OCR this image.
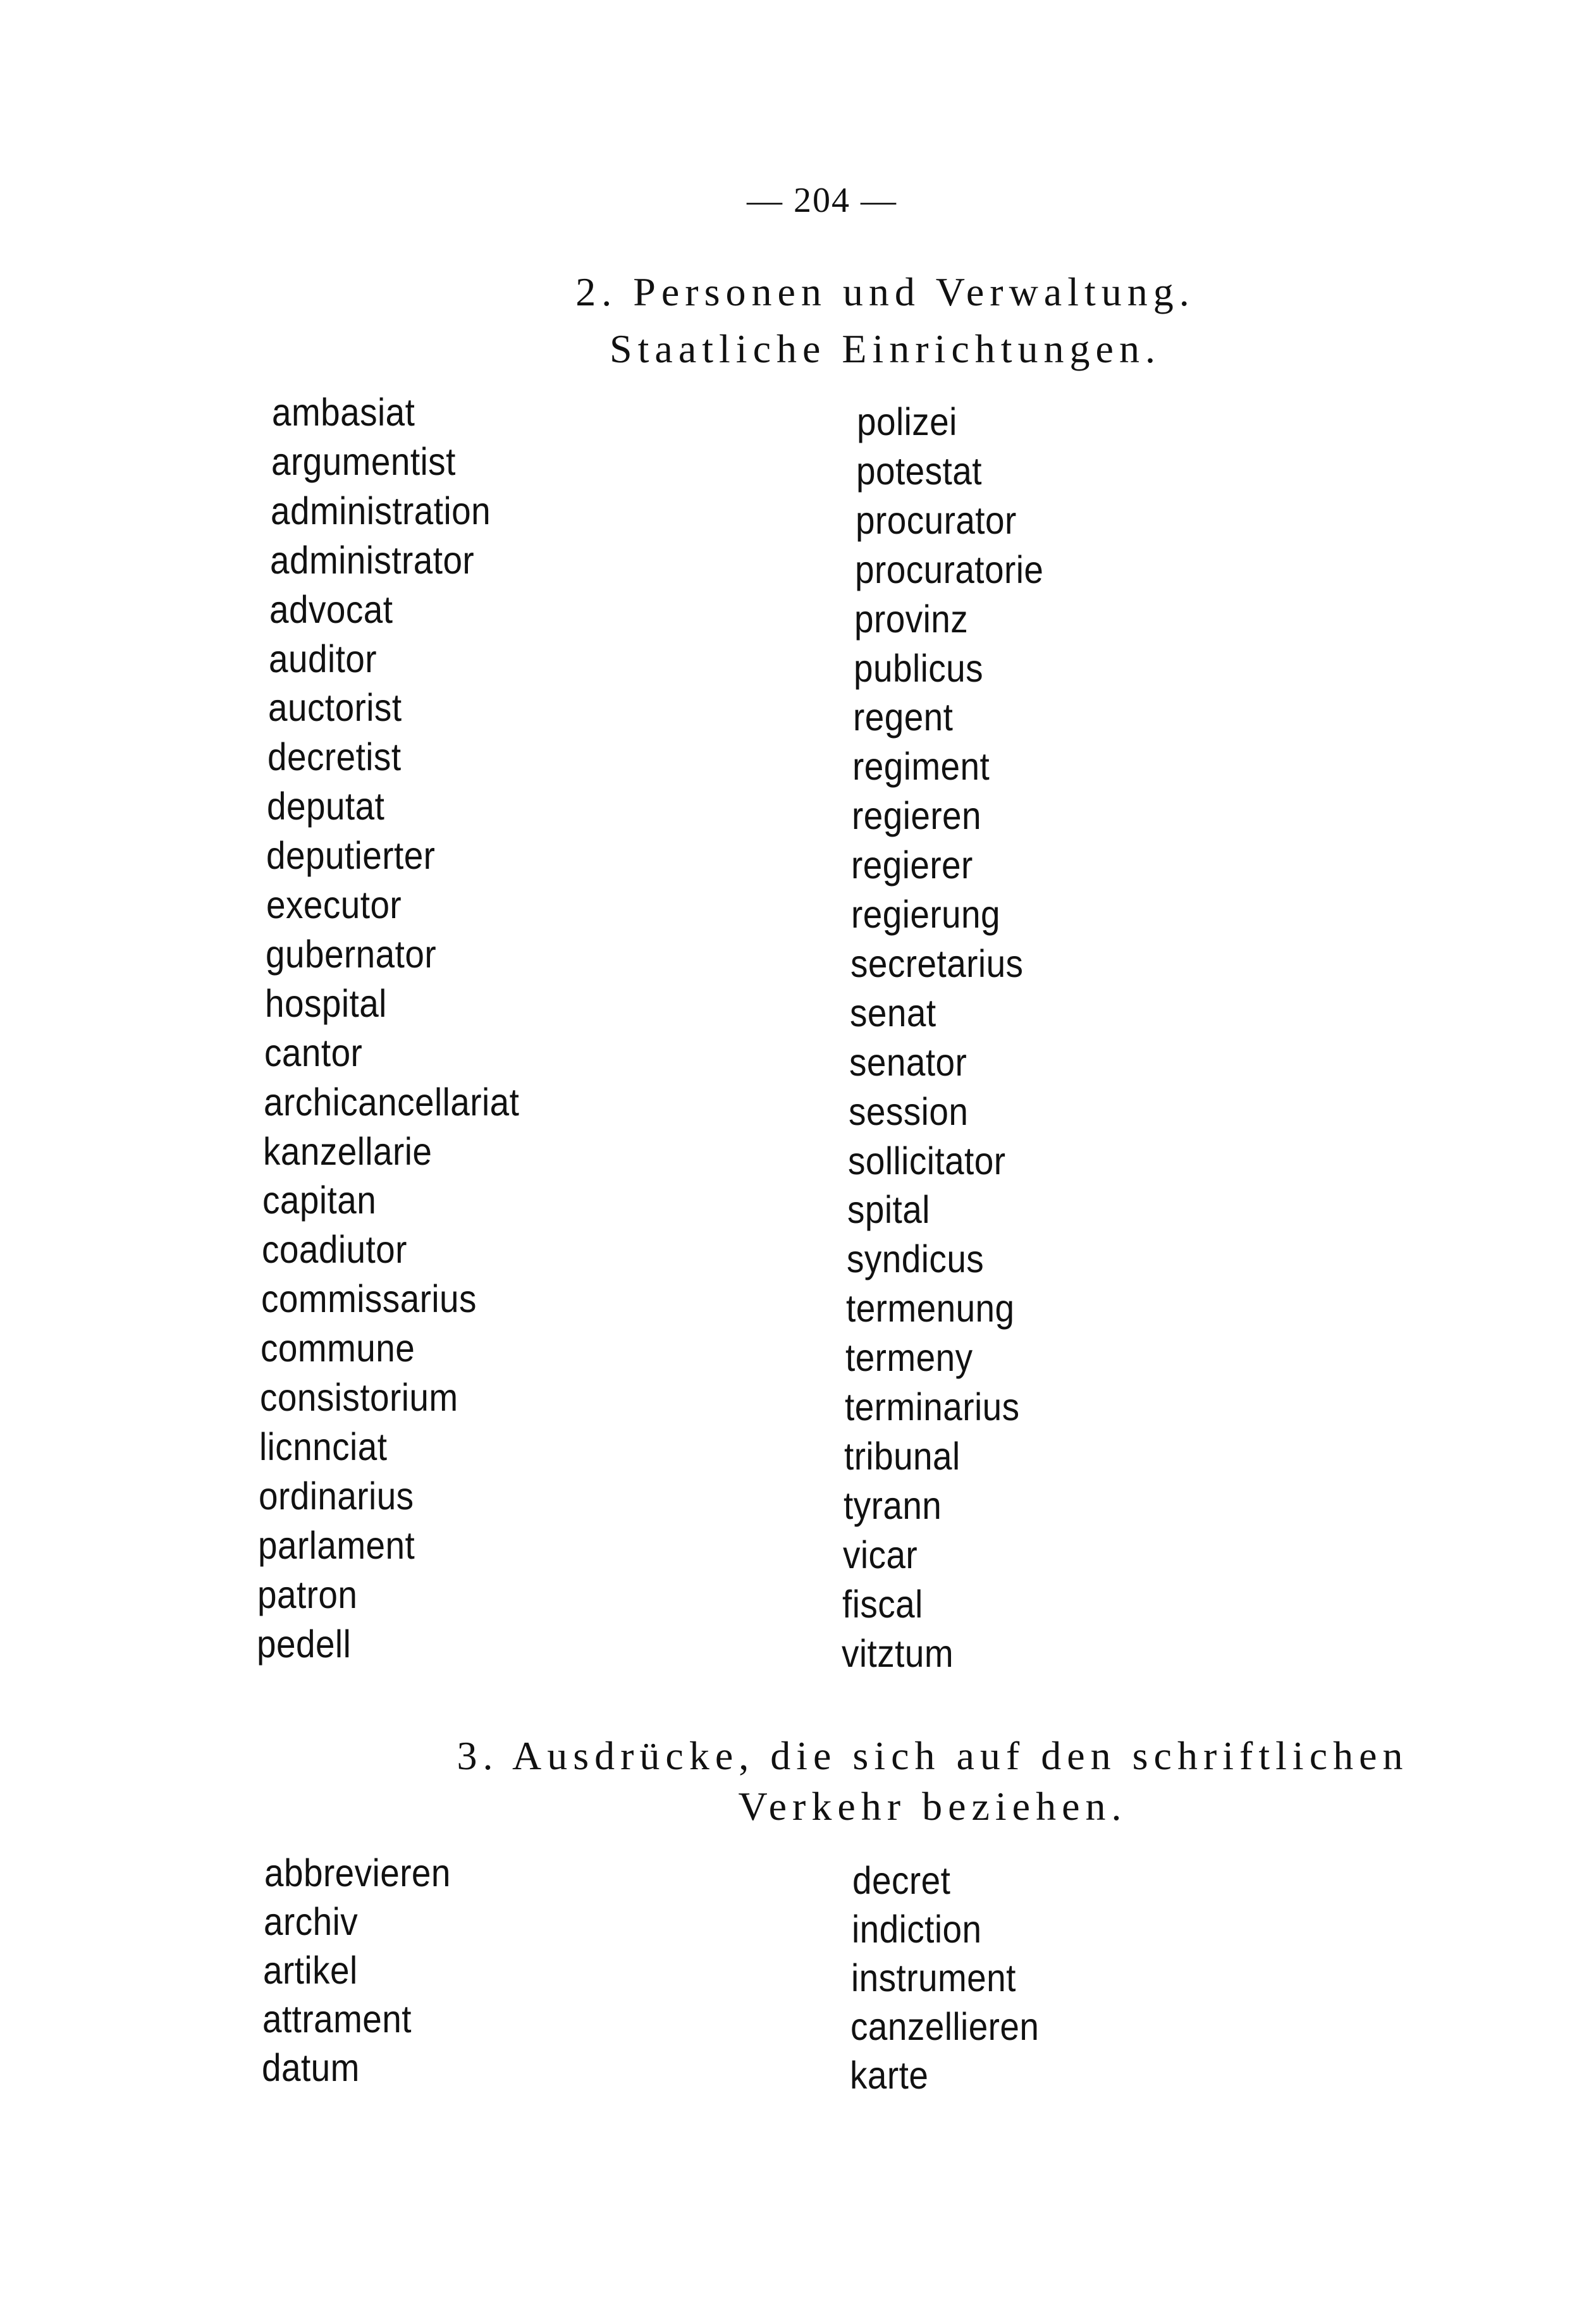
— 204 —
2. Personen und Verwaltung.
Staatliche Einrichtungen.
ambasiat
argumentist
administration
administrator
advocat
auditor
auctorist
decretist
deputat
deputierter
executor
gubernator
hospital
cantor
archicancellariat
kanzellarie
capitan
coadiutor
commissarius
commune
consistorium
licnnciat
ordinarius
parlament
patron
pedell
polizei
potestat
procurator
procuratorie
provinz
publicus
regent
regiment
regieren
regierer
regierung
secretarius
senat
senator
session
sollicitator
spital
syndicus
termenung
termeny
terminarius
tribunal
tyrann
vicar
fiscal
vitztum
3. Ausdrücke, die sich auf den schriftlichen
Verkehr beziehen.
abbrevieren
archiv
artikel
attrament
datum
decret
indiction
instrument
canzellieren
karte
